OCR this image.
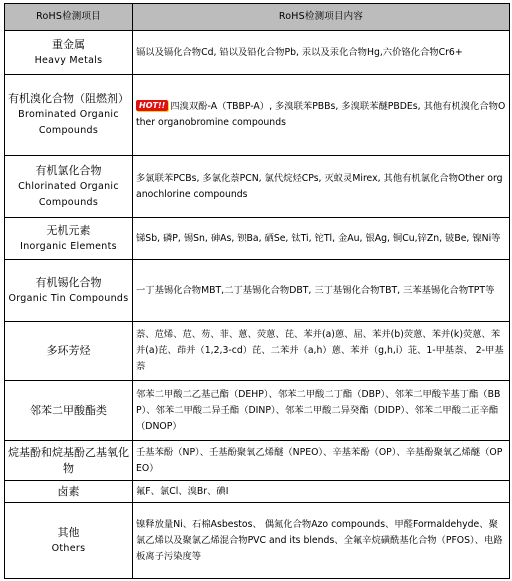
RoHS检测项目	RoHS检测项目内容

重金属
Heavy Metals	镉以及镉化合物Cd, 铅以及铅化合物Pb, 汞以及汞化合物Hg,六价铬化合物Cr6+

有机溴化合物（阻燃剂）
Brominated Organic Compounds	HOT!! 四溴双酚-A（TBBP-A）, 多溴联苯PBBs, 多溴联苯醚PBDEs, 其他有机溴化合物Other organobromine compounds

有机氯化合物
Chlorinated Organic Compounds	多氯联苯PCBs, 多氯化萘PCN, 氯代烷烃CPs, 灭蚁灵Mirex, 其他有机氯化合物Other organochlorine compounds

无机元素
Inorganic Elements	锑Sb, 磷P, 锡Sn, 砷As, 钡Ba, 硒Se, 钛Ti, 铊Tl, 金Au, 银Ag, 铜Cu,锌Zn, 铍Be, 镍Ni等

有机锡化合物
Organic Tin Compounds	一丁基锡化合物MBT,二丁基锡化合物DBT, 三丁基锡化合物TBT, 三苯基锡化合物TPT等

多环芳烃	萘、苊烯、苊、芴、菲、蒽、荧蒽、芘、苯并(a)蒽、屈、苯并(b)荧蒽、苯并(k)荧蒽、苯并(a)芘、茚并（1,2,3-cd）芘、二苯并（a,h）蒽、苯并（g,h,i）苝、1-甲基萘、 2-甲基萘

邻苯二甲酸酯类	邻苯二甲酸二乙基己酯（DEHP）、邻苯二甲酸二丁酯（DBP）、邻苯二甲酸苄基丁酯（BBP）、邻苯二甲酸二异壬酯（DINP）、邻苯二甲酸二异癸酯（DIDP）、邻苯二甲酸二正辛酯（DNOP）

烷基酚和烷基酚乙基氧化物	壬基苯酚（NP）、壬基酚聚氧乙烯醚（NPEO）、辛基苯酚（OP）、辛基酚聚氧乙烯醚（OPEO）

卤素	氟F、氯Cl、溴Br、碘I

其他
Others	镍释放量Ni、石棉Asbestos、 偶氮化合物Azo compounds、甲醛Formaldehyde、聚氯乙烯以及聚氯乙烯混合物PVC and its blends、全氟辛烷磺酰基化合物（PFOS）、电路板离子污染度等
